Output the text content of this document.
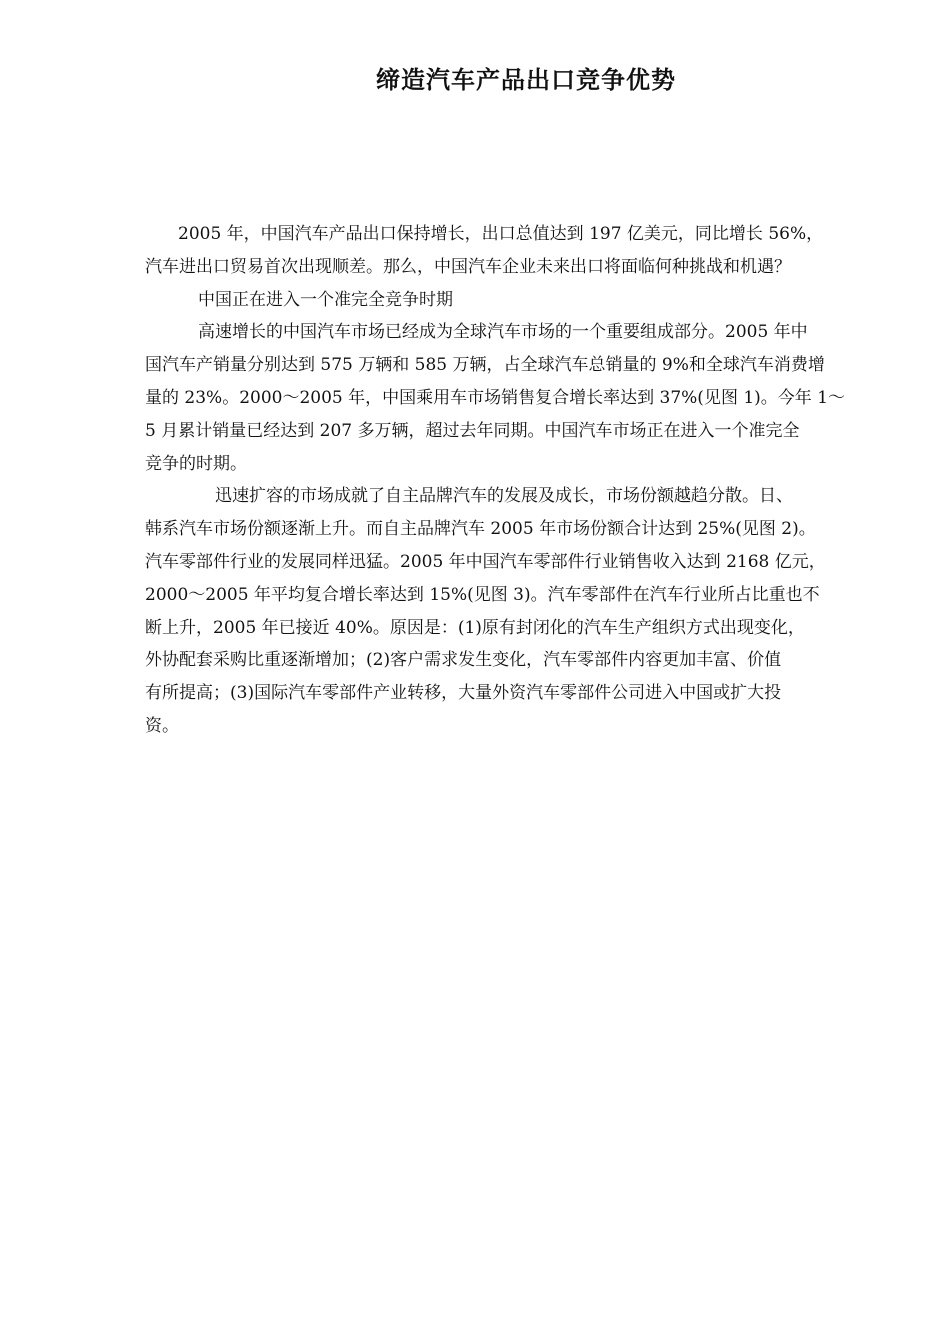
缔造汽车产品出口竞争优势
2005 年，中国汽车产品出口保持增长，出口总值达到 197 亿美元，同比增长 56%，
汽车进出口贸易首次出现顺差。那么，中国汽车企业未来出口将面临何种挑战和机遇？
中国正在进入一个准完全竞争时期
高速增长的中国汽车市场已经成为全球汽车市场的一个重要组成部分。2005 年中
国汽车产销量分别达到 575 万辆和 585 万辆，占全球汽车总销量的 9%和全球汽车消费增
量的 23%。2000～2005 年，中国乘用车市场销售复合增长率达到 37%(见图 1)。今年 1～
5 月累计销量已经达到 207 多万辆，超过去年同期。中国汽车市场正在进入一个准完全
竞争的时期。
迅速扩容的市场成就了自主品牌汽车的发展及成长，市场份额越趋分散。日、
韩系汽车市场份额逐渐上升。而自主品牌汽车 2005 年市场份额合计达到 25%(见图 2)。
汽车零部件行业的发展同样迅猛。2005 年中国汽车零部件行业销售收入达到 2168 亿元，
2000～2005 年平均复合增长率达到 15%(见图 3)。汽车零部件在汽车行业所占比重也不
断上升，2005 年已接近 40%。原因是：(1)原有封闭化的汽车生产组织方式出现变化，
外协配套采购比重逐渐增加；(2)客户需求发生变化，汽车零部件内容更加丰富、价值
有所提高；(3)国际汽车零部件产业转移，大量外资汽车零部件公司进入中国或扩大投
资。
